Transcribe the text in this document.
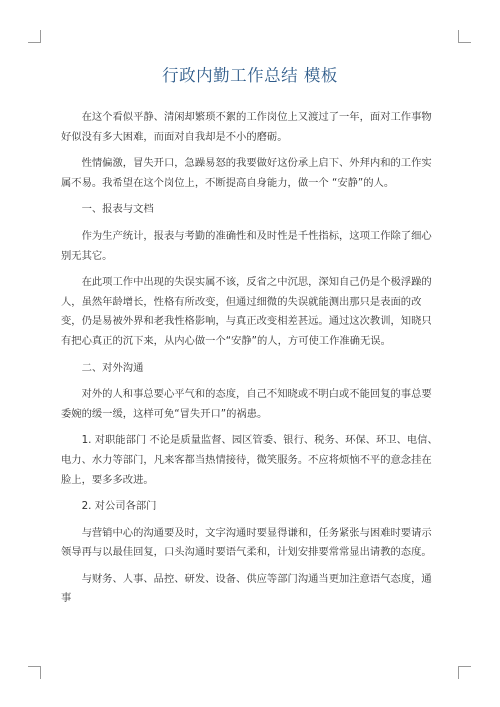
行政内勤工作总结 模板

在这个看似平静、清闲却繁琐不絮的工作岗位上又渡过了一年，面对工作事物好似没有多大困难，而面对自我却是不小的磨砺。

性情偏激，冒失开口，急躁易怒的我要做好这份承上启下、外拜内和的工作实属不易。我希望在这个岗位上，不断提高自身能力，做一个 “安静”的人。

一、报表与文档

作为生产统计，报表与考勤的准确性和及时性是千性指标，这项工作除了细心别无其它。

在此项工作中出现的失误实属不该，反省之中沉思，深知自己仍是个极浮躁的人，虽然年龄增长，性格有所改变，但通过细微的失误就能测出那只是表面的改变，仍是易被外界和老我性格影响，与真正改变相差甚远。通过这次教训，知晓只有把心真正的沉下来，从内心做一个“安静”的人，方可使工作准确无误。

二、对外沟通

对外的人和事总要心平气和的态度，自己不知晓或不明白或不能回复的事总要委婉的缓一缓，这样可免“冒失开口”的祸患。

1. 对职能部门 不论是质量监督、园区管委、银行、税务、环保、环卫、电信、电力、水力等部门，凡来客都当热情接待，微笑服务。不应将烦恼不平的意念挂在脸上，要多多改进。

2. 对公司各部门

与营销中心的沟通要及时，文字沟通时要显得谦和，任务紧张与困难时要请示领导再与以最佳回复，口头沟通时要语气柔和，计划安排要常常显出请教的态度。

与财务、人事、品控、研发、设备、供应等部门沟通当更加注意语气态度，通事
